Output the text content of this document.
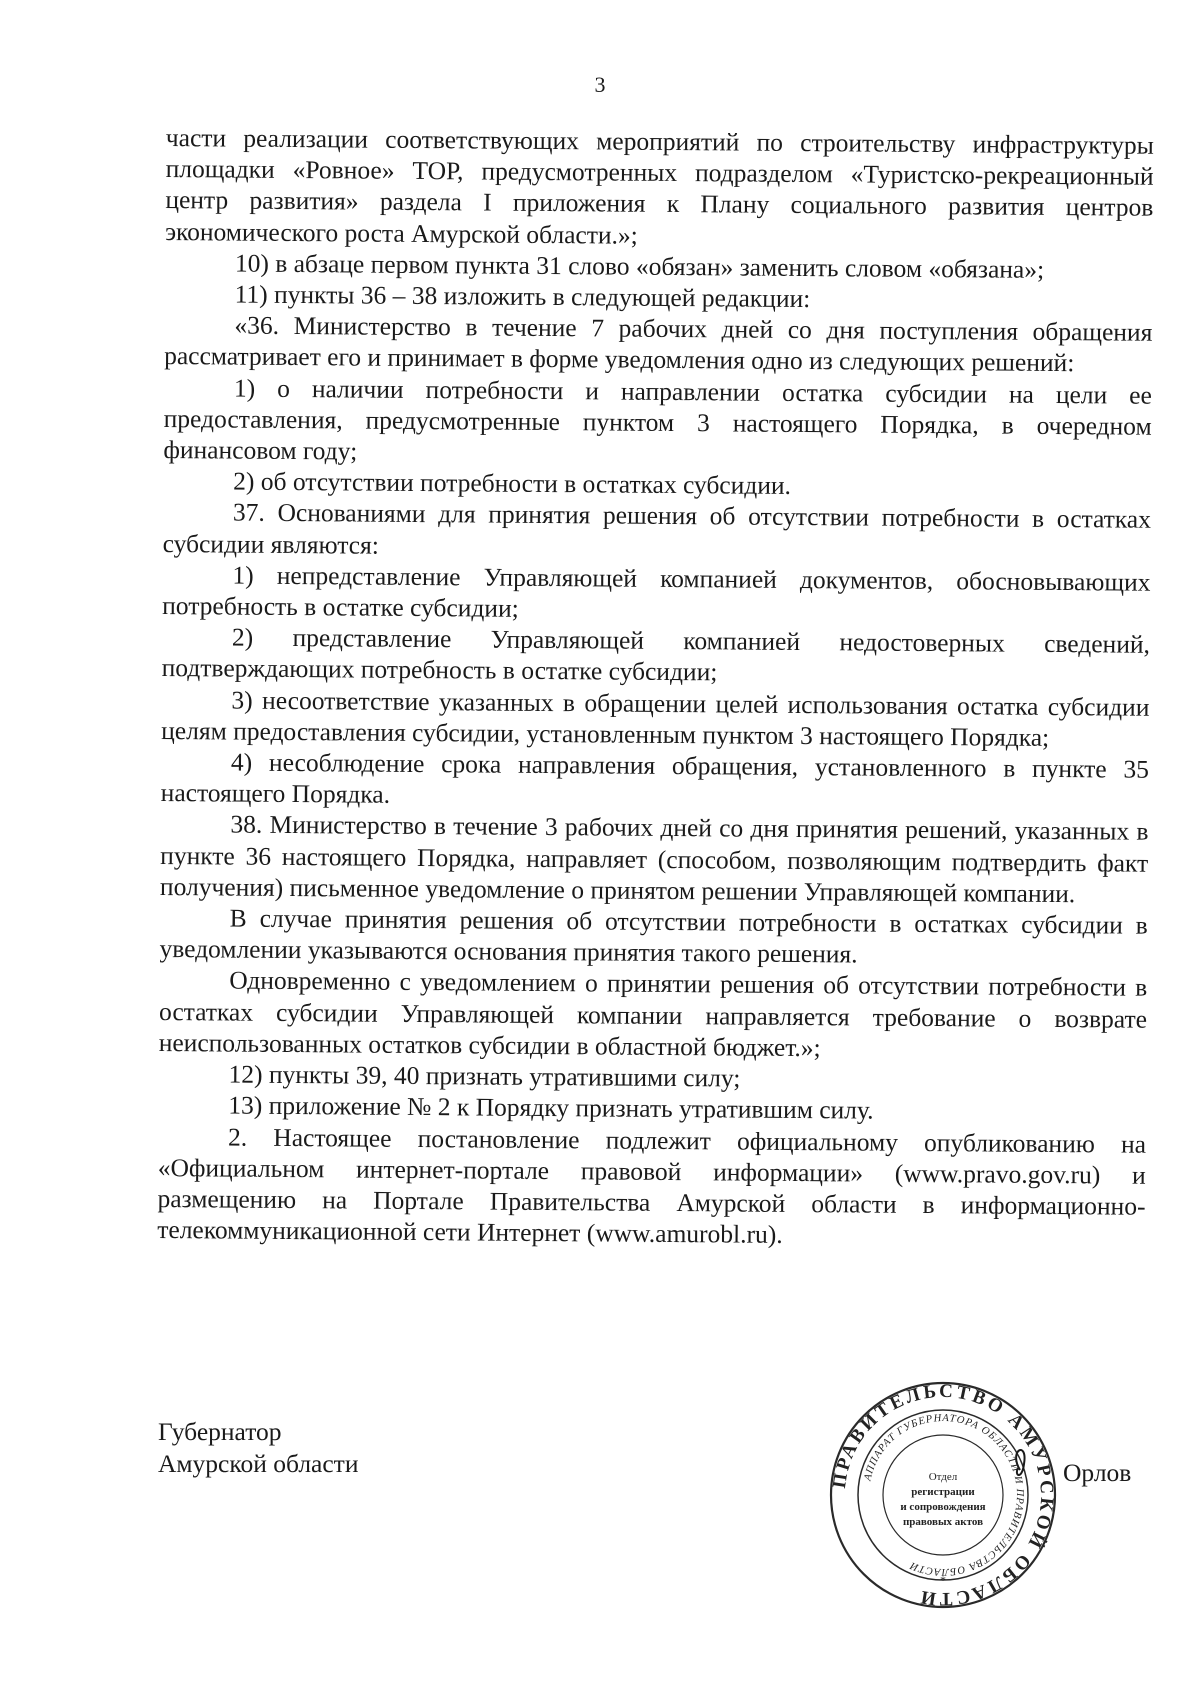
3

части реализации соответствующих мероприятий по строительству инфраструктуры площадки «Ровное» ТОР, предусмотренных подразделом «Туристско-рекреационный центр развития» раздела I приложения к Плану социального развития центров экономического роста Амурской области.»;

10) в абзаце первом пункта 31 слово «обязан» заменить словом «обязана»;

11) пункты 36 – 38 изложить в следующей редакции:

«36. Министерство в течение 7 рабочих дней со дня поступления обращения рассматривает его и принимает в форме уведомления одно из следующих решений:

1) о наличии потребности и направлении остатка субсидии на цели ее предоставления, предусмотренные пунктом 3 настоящего Порядка, в очередном финансовом году;

2) об отсутствии потребности в остатках субсидии.

37. Основаниями для принятия решения об отсутствии потребности в остатках субсидии являются:

1) непредставление Управляющей компанией документов, обосновывающих потребность в остатке субсидии;

2) представление Управляющей компанией недостоверных сведений, подтверждающих потребность в остатке субсидии;

3) несоответствие указанных в обращении целей использования остатка субсидии целям предоставления субсидии, установленным пунктом 3 настоящего Порядка;

4) несоблюдение срока направления обращения, установленного в пункте 35 настоящего Порядка.

38. Министерство в течение 3 рабочих дней со дня принятия решений, указанных в пункте 36 настоящего Порядка, направляет (способом, позволяющим подтвердить факт получения) письменное уведомление о принятом решении Управляющей компании.

В случае принятия решения об отсутствии потребности в остатках субсидии в уведомлении указываются основания принятия такого решения.

Одновременно с уведомлением о принятии решения об отсутствии потребности в остатках субсидии Управляющей компании направляется требование о возврате неиспользованных остатков субсидии в областной бюджет.»;

12) пункты 39, 40 признать утратившими силу;

13) приложение № 2 к Порядку признать утратившим силу.

2. Настоящее постановление подлежит официальному опубликованию на «Официальном интернет-портале правовой информации» (www.pravo.gov.ru) и размещению на Портале Правительства Амурской области в информационно-телекоммуникационной сети Интернет (www.amurobl.ru).

Губернатор
Амурской области
ПРАВИТЕЛЬСТВО АМУРСКОЙ ОБЛАСТИ
АППАРАТ ГУБЕРНАТОРА ОБЛАСТИ И ПРАВИТЕЛЬСТВА ОБЛАСТИ
Отдел
регистрации
и сопровождения
правовых актов
*
Орлов
